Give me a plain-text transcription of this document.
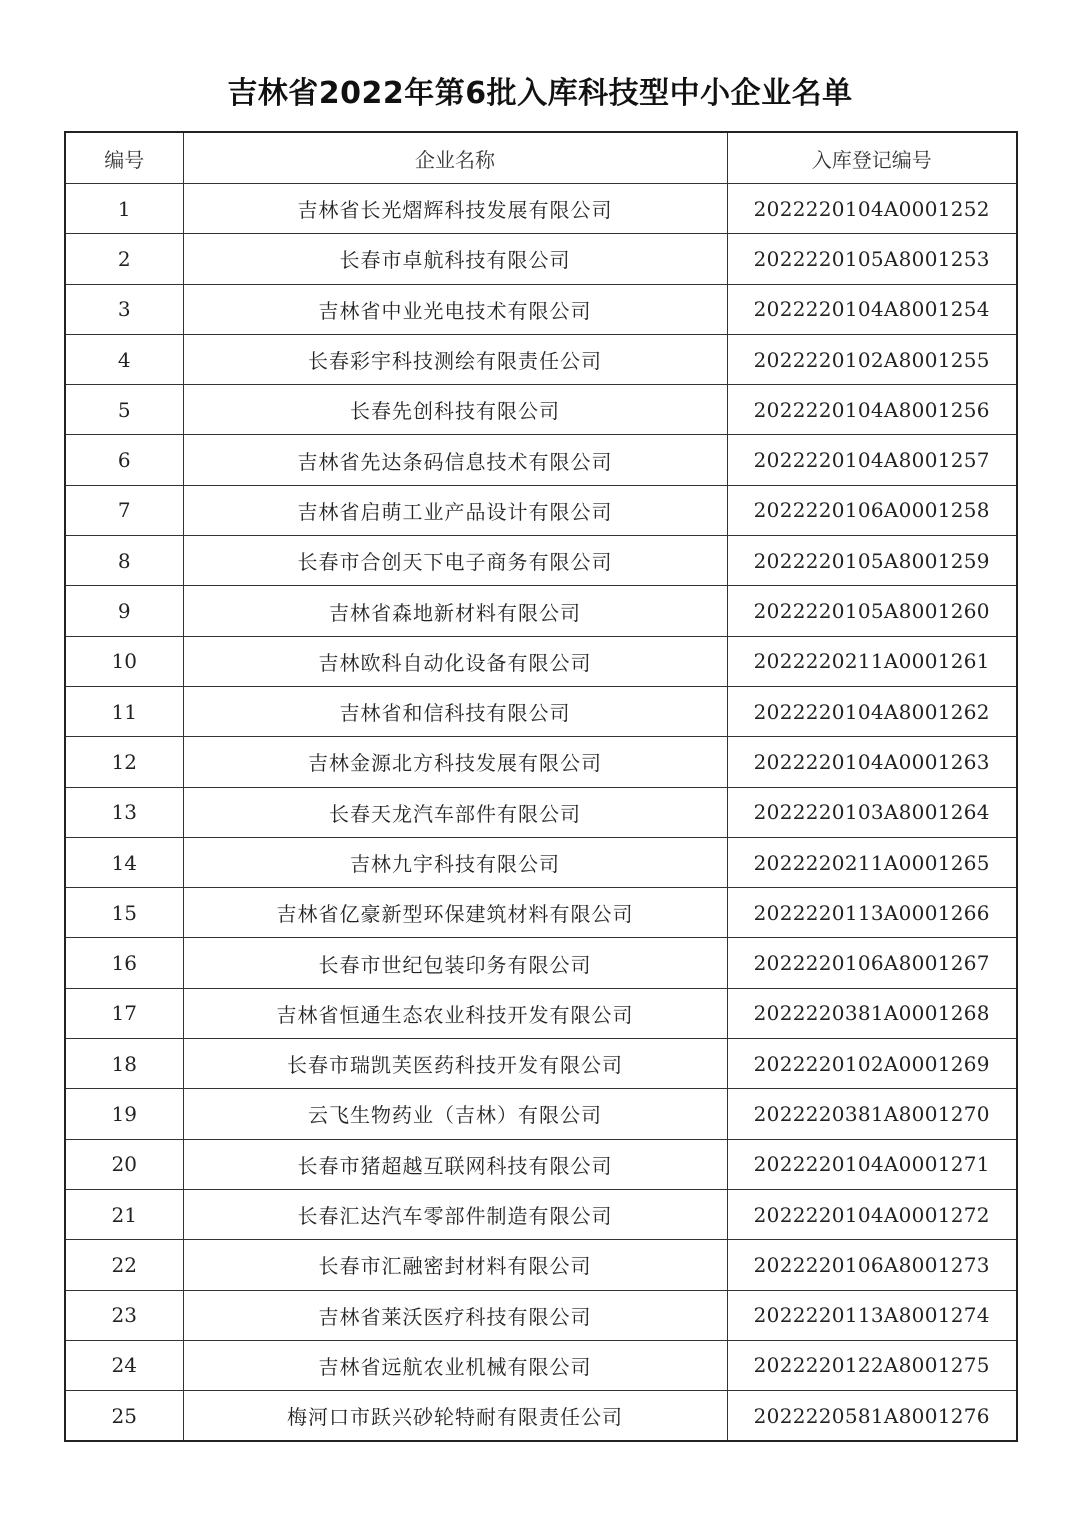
吉林省2022年第6批入库科技型中小企业名单
编号	企业名称	入库登记编号
1	吉林省长光熠辉科技发展有限公司	2022220104A0001252
2	长春市卓航科技有限公司	2022220105A8001253
3	吉林省中业光电技术有限公司	2022220104A8001254
4	长春彩宇科技测绘有限责任公司	2022220102A8001255
5	长春先创科技有限公司	2022220104A8001256
6	吉林省先达条码信息技术有限公司	2022220104A8001257
7	吉林省启萌工业产品设计有限公司	2022220106A0001258
8	长春市合创天下电子商务有限公司	2022220105A8001259
9	吉林省森地新材料有限公司	2022220105A8001260
10	吉林欧科自动化设备有限公司	2022220211A0001261
11	吉林省和信科技有限公司	2022220104A8001262
12	吉林金源北方科技发展有限公司	2022220104A0001263
13	长春天龙汽车部件有限公司	2022220103A8001264
14	吉林九宇科技有限公司	2022220211A0001265
15	吉林省亿豪新型环保建筑材料有限公司	2022220113A0001266
16	长春市世纪包装印务有限公司	2022220106A8001267
17	吉林省恒通生态农业科技开发有限公司	2022220381A0001268
18	长春市瑞凯芙医药科技开发有限公司	2022220102A0001269
19	云飞生物药业（吉林）有限公司	2022220381A8001270
20	长春市猪超越互联网科技有限公司	2022220104A0001271
21	长春汇达汽车零部件制造有限公司	2022220104A0001272
22	长春市汇融密封材料有限公司	2022220106A8001273
23	吉林省莱沃医疗科技有限公司	2022220113A8001274
24	吉林省远航农业机械有限公司	2022220122A8001275
25	梅河口市跃兴砂轮特耐有限责任公司	2022220581A8001276
